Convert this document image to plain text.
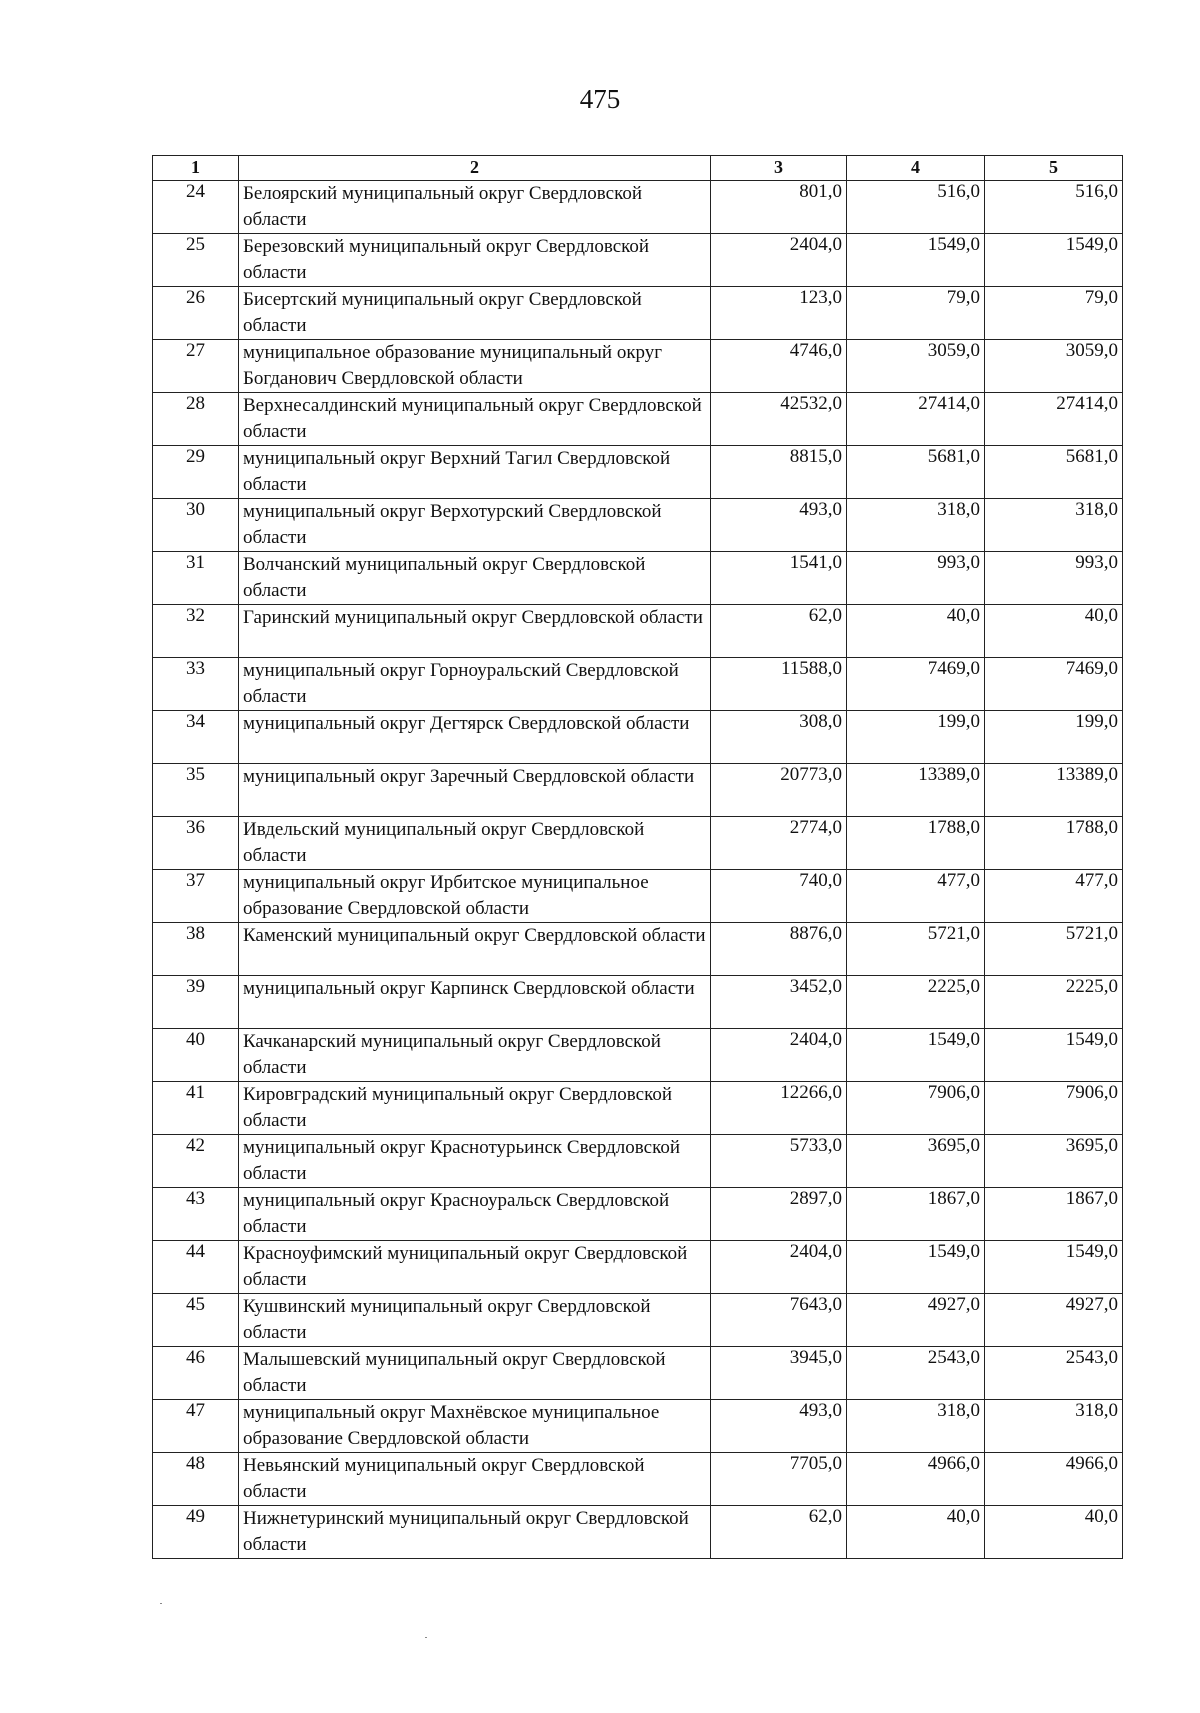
475
1	2	3	4	5
24	Белоярский муниципальный округ Свердловской области	801,0	516,0	516,0
25	Березовский муниципальный округ Свердловской области	2404,0	1549,0	1549,0
26	Бисертский муниципальный округ Свердловской области	123,0	79,0	79,0
27	муниципальное образование муниципальный округ Богданович Свердловской области	4746,0	3059,0	3059,0
28	Верхнесалдинский муниципальный округ Свердловской области	42532,0	27414,0	27414,0
29	муниципальный округ Верхний Тагил Свердловской области	8815,0	5681,0	5681,0
30	муниципальный округ Верхотурский Свердловской области	493,0	318,0	318,0
31	Волчанский муниципальный округ Свердловской области	1541,0	993,0	993,0
32	Гаринский муниципальный округ Свердловской области	62,0	40,0	40,0
33	муниципальный округ Горноуральский Свердловской области	11588,0	7469,0	7469,0
34	муниципальный округ Дегтярск Свердловской области	308,0	199,0	199,0
35	муниципальный округ Заречный Свердловской области	20773,0	13389,0	13389,0
36	Ивдельский муниципальный округ Свердловской области	2774,0	1788,0	1788,0
37	муниципальный округ Ирбитское муниципальное образование Свердловской области	740,0	477,0	477,0
38	Каменский муниципальный округ Свердловской области	8876,0	5721,0	5721,0
39	муниципальный округ Карпинск Свердловской области	3452,0	2225,0	2225,0
40	Качканарский муниципальный округ Свердловской области	2404,0	1549,0	1549,0
41	Кировградский муниципальный округ Свердловской области	12266,0	7906,0	7906,0
42	муниципальный округ Краснотурьинск Свердловской области	5733,0	3695,0	3695,0
43	муниципальный округ Красноуральск Свердловской области	2897,0	1867,0	1867,0
44	Красноуфимский муниципальный округ Свердловской области	2404,0	1549,0	1549,0
45	Кушвинский муниципальный округ Свердловской области	7643,0	4927,0	4927,0
46	Малышевский муниципальный округ Свердловской области	3945,0	2543,0	2543,0
47	муниципальный округ Махнёвское муниципальное образование Свердловской области	493,0	318,0	318,0
48	Невьянский муниципальный округ Свердловской области	7705,0	4966,0	4966,0
49	Нижнетуринский муниципальный округ Свердловской области	62,0	40,0	40,0
